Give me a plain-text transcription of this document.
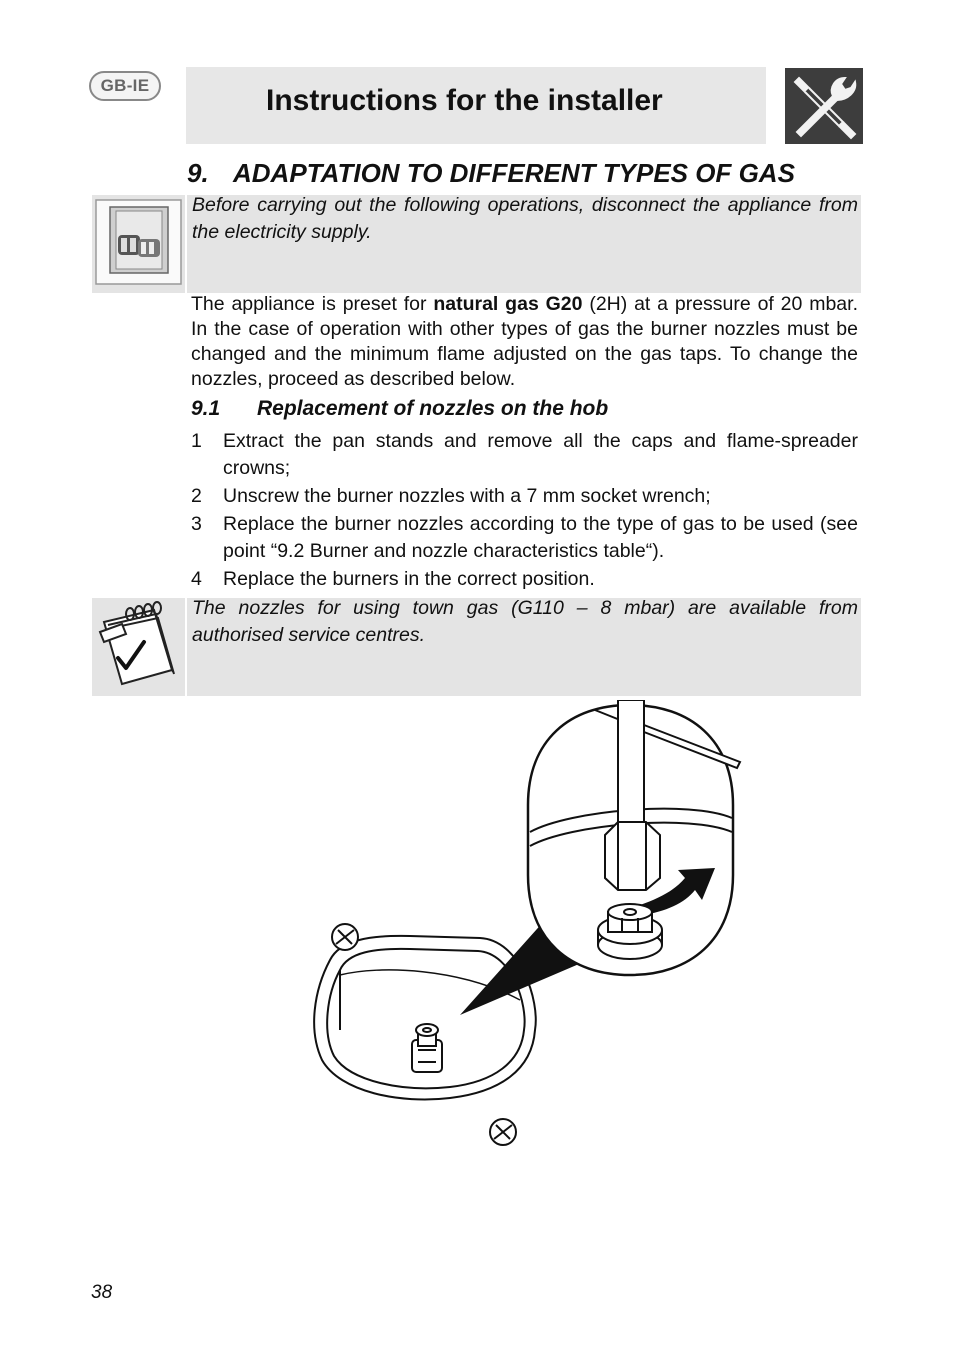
GB-IE	Instructions for the installer
9. ADAPTATION TO DIFFERENT TYPES OF GAS
Before carrying out the following operations, disconnect the appliance from the electricity supply.
The appliance is preset for natural gas G20 (2H) at a pressure of 20 mbar. In the case of operation with other types of gas the burner nozzles must be changed and the minimum flame adjusted on the gas taps. To change the nozzles, proceed as described below.
9.1 Replacement of nozzles on the hob
1	Extract the pan stands and remove all the caps and flame-spreader crowns;
2	Unscrew the burner nozzles with a 7 mm socket wrench;
3	Replace the burner nozzles according to the type of gas to be used (see point “9.2 Burner and nozzle characteristics table“).
4	Replace the burners in the correct position.
The nozzles for using town gas (G110 – 8 mbar) are available from authorised service centres.
38
